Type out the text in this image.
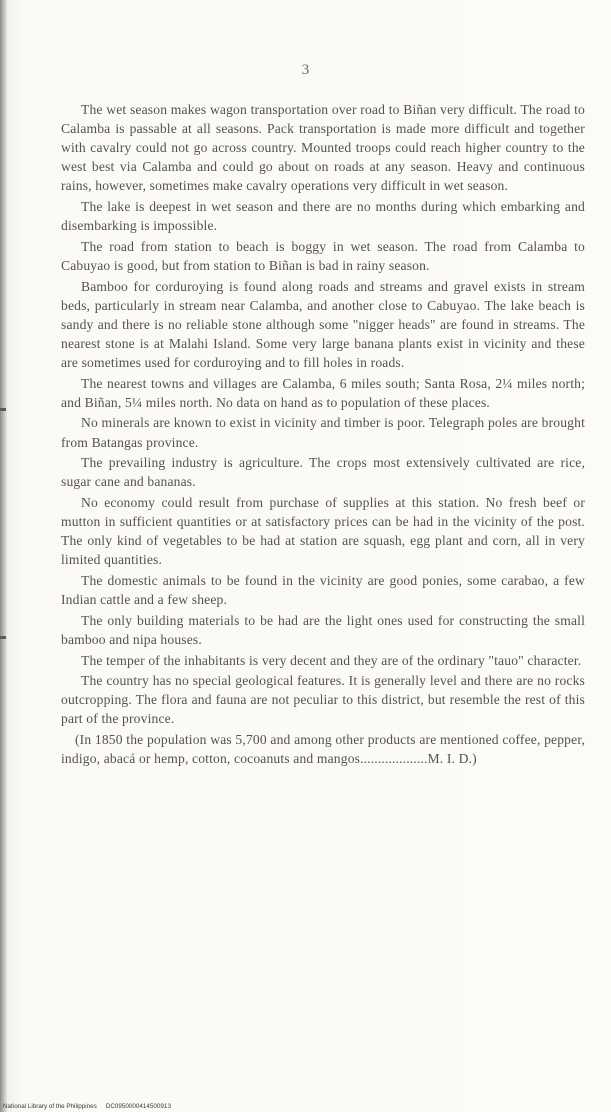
3

The wet season makes wagon transportation over road to Biñan very difficult. The road to Calamba is passable at all seasons. Pack transportation is made more difficult and together with cavalry could not go across country. Mounted troops could reach higher country to the west best via Calamba and could go about on roads at any season. Heavy and continuous rains, however, sometimes make cavalry operations very difficult in wet season.

The lake is deepest in wet season and there are no months during which embarking and disembarking is impossible.

The road from station to beach is boggy in wet season. The road from Calamba to Cabuyao is good, but from station to Biñan is bad in rainy season.

Bamboo for corduroying is found along roads and streams and gravel exists in stream beds, particularly in stream near Calamba, and another close to Cabuyao. The lake beach is sandy and there is no reliable stone although some "nigger heads" are found in streams. The nearest stone is at Malahi Island. Some very large banana plants exist in vicinity and these are sometimes used for corduroying and to fill holes in roads.

The nearest towns and villages are Calamba, 6 miles south; Santa Rosa, 2¼ miles north; and Biñan, 5¼ miles north. No data on hand as to population of these places.

No minerals are known to exist in vicinity and timber is poor. Telegraph poles are brought from Batangas province.

The prevailing industry is agriculture. The crops most extensively cultivated are rice, sugar cane and bananas.

No economy could result from purchase of supplies at this station. No fresh beef or mutton in sufficient quantities or at satisfactory prices can be had in the vicinity of the post. The only kind of vegetables to be had at station are squash, egg plant and corn, all in very limited quantities.

The domestic animals to be found in the vicinity are good ponies, some carabao, a few Indian cattle and a few sheep.

The only building materials to be had are the light ones used for constructing the small bamboo and nipa houses.

The temper of the inhabitants is very decent and they are of the ordinary "tauo" character.

The country has no special geological features. It is generally level and there are no rocks outcropping. The flora and fauna are not peculiar to this district, but resemble the rest of this part of the province.

(In 1850 the population was 5,700 and among other products are mentioned coffee, pepper, indigo, abacá or hemp, cotton, cocoanuts and mangos...................M. I. D.)

National Library of the Philippines DC0950000414500913
